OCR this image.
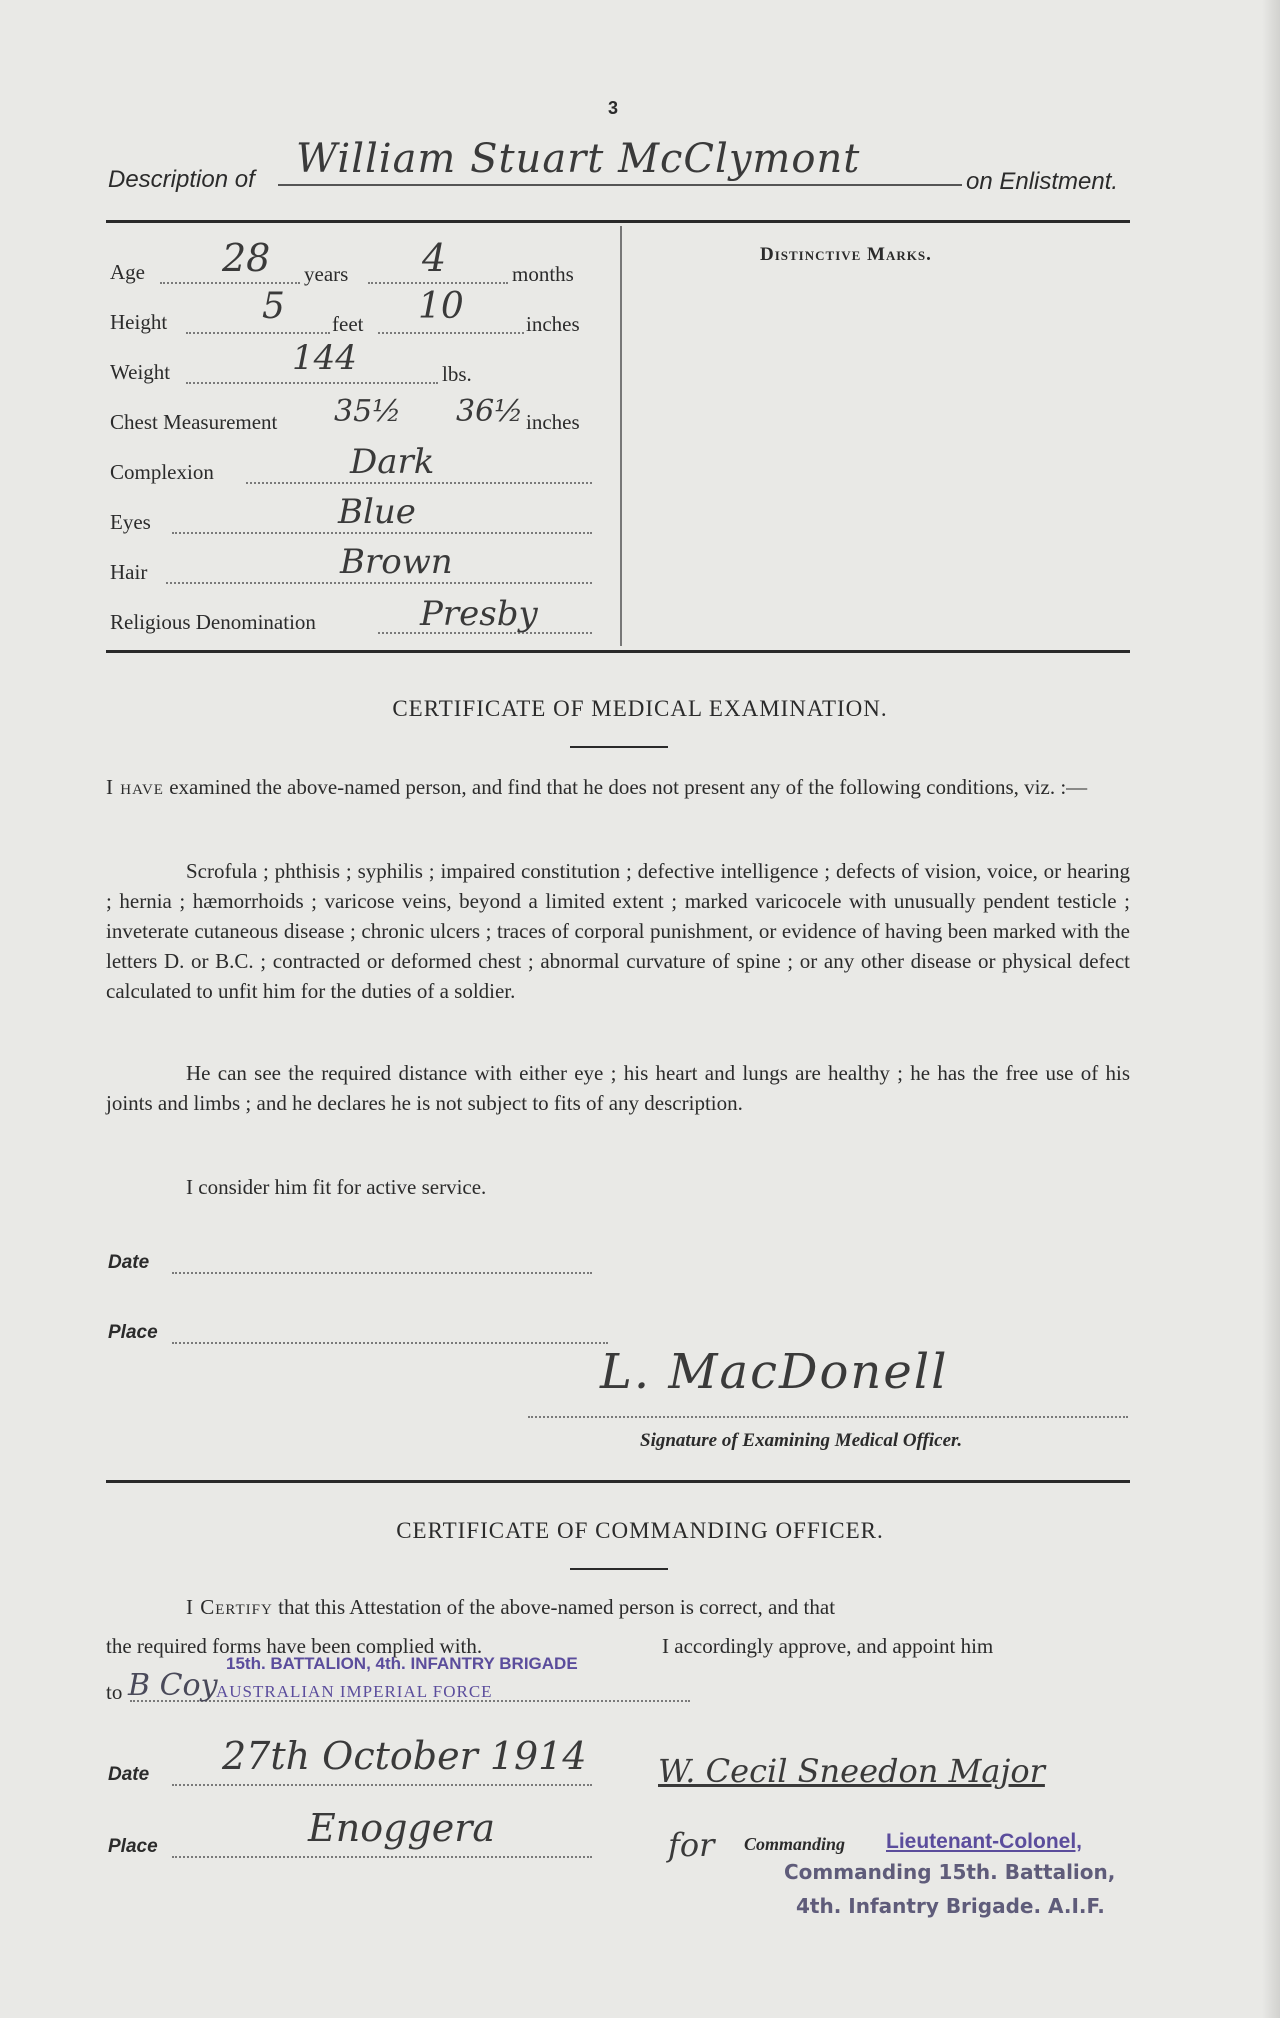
3
Description of William Stuart McClymont	on Enlistment.
Age 28 years 4	months
Height	5 feet 10	inches
Weight	144	lbs.
Chest Measurement 35½ 36½ inches
Complexion	Dark
Eyes	Blue
Hair	Brown
Religious Denomination	Presby
Distinctive Marks.
CERTIFICATE OF MEDICAL EXAMINATION.
I have examined the above-named person, and find that he does not present any of the following conditions, viz. :—
Scrofula ; phthisis ; syphilis ; impaired constitution ; defective intelligence ; defects of vision, voice, or hearing ; hernia ; hæmorrhoids ; varicose veins, beyond a limited extent ; marked varicocele with unusually pendent testicle ; inveterate cutaneous disease ; chronic ulcers ; traces of corporal punishment, or evidence of having been marked with the letters D. or B.C. ; contracted or deformed chest ; abnormal curvature of spine ; or any other disease or physical defect calculated to unfit him for the duties of a soldier.
He can see the required distance with either eye ; his heart and lungs are healthy ; he has the free use of his joints and limbs ; and he declares he is not subject to fits of any description.
I consider him fit for active service.
Date
Place
L. MacDonell
Signature of Examining Medical Officer.
CERTIFICATE OF COMMANDING OFFICER.
I Certify that this Attestation of the above-named person is correct, and that
the required forms have been complied with.	I accordingly approve, and appoint him
to B Coy
15th. BATTALION, 4th. INFANTRY BRIGADE
AUSTRALIAN IMPERIAL FORCE
Date 27th October 1914
Place	Enoggera
W. Cecil Sneedon Major
for Commanding Lieutenant-Colonel,
Commanding 15th. Battalion,
4th. Infantry Brigade. A.I.F.
